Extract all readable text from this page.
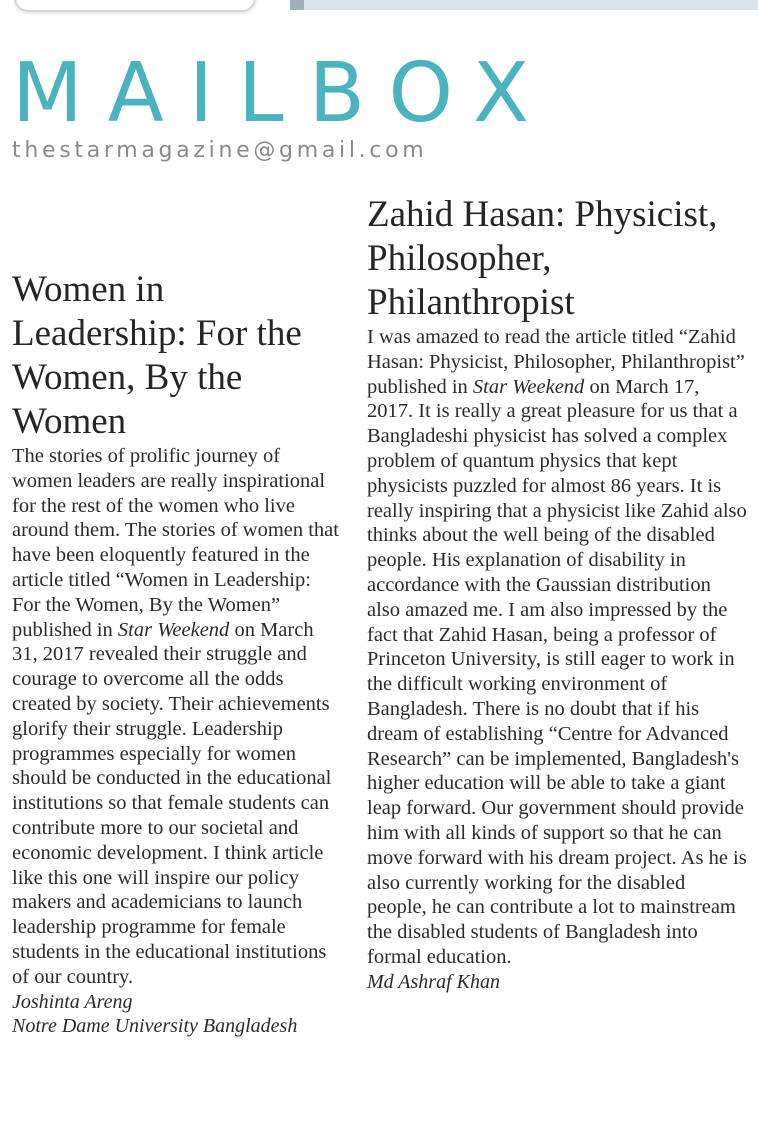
MAILBOX
thestarmagazine@gmail.com
Women in Leadership: For the Women, By the Women

The stories of prolific journey of women leaders are really inspirational for the rest of the women who live around them. The stories of women that have been eloquently featured in the article titled “Women in Leadership: For the Women, By the Women” published in Star Weekend on March 31, 2017 revealed their struggle and courage to overcome all the odds created by society. Their achievements glorify their struggle. Leadership programmes especially for women should be conducted in the educational institutions so that female students can contribute more to our societal and economic development. I think article like this one will inspire our policy makers and academicians to launch leadership programme for female students in the educational institutions of our country.

Joshinta Areng
Notre Dame University Bangladesh
Zahid Hasan: Physicist, Philosopher, Philanthropist

I was amazed to read the article titled “Zahid Hasan: Physicist, Philosopher, Philanthropist” published in Star Weekend on March 17, 2017. It is really a great pleasure for us that a Bangladeshi physicist has solved a complex problem of quantum physics that kept physicists puzzled for almost 86 years. It is really inspiring that a physicist like Zahid also thinks about the well being of the disabled people. His explanation of disability in accordance with the Gaussian distribution also amazed me. I am also impressed by the fact that Zahid Hasan, being a professor of Princeton University, is still eager to work in the difficult working environment of Bangladesh. There is no doubt that if his dream of establishing “Centre for Advanced Research” can be implemented, Bangladesh's higher education will be able to take a giant leap forward. Our government should provide him with all kinds of support so that he can move forward with his dream project. As he is also currently working for the disabled people, he can contribute a lot to mainstream the disabled students of Bangladesh into formal education.

Md Ashraf Khan
